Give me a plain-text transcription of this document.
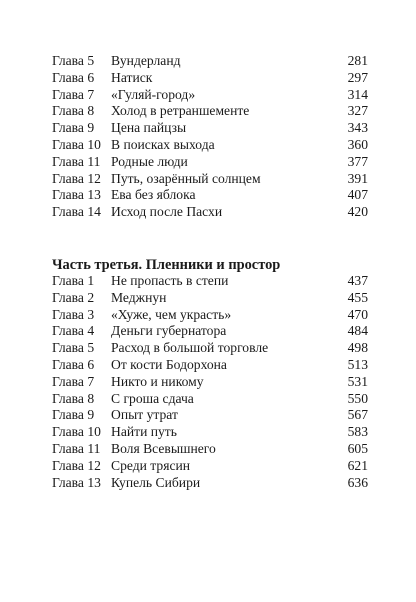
Глава 5 Вундерланд	281
Глава 6 Натиск	297
Глава 7 «Гуляй-город»	314
Глава 8 Холод в ретраншементе	327
Глава 9 Цена пайцзы	343
Глава 10 В поисках выхода	360
Глава 11 Родные люди	377
Глава 12 Путь, озарённый солнцем	391
Глава 13 Ева без яблока	407
Глава 14 Исход после Пасхи	420
Часть третья. Пленники и простор
Глава 1 Не пропасть в степи	437
Глава 2 Меджнун	455
Глава 3 «Хуже, чем украсть»	470
Глава 4 Деньги губернатора	484
Глава 5 Расход в большой торговле	498
Глава 6 От кости Бодорхона	513
Глава 7 Никто и никому	531
Глава 8 С гроша сдача	550
Глава 9 Опыт утрат	567
Глава 10 Найти путь	583
Глава 11 Воля Всевышнего	605
Глава 12 Среди трясин	621
Глава 13 Купель Сибири	636
